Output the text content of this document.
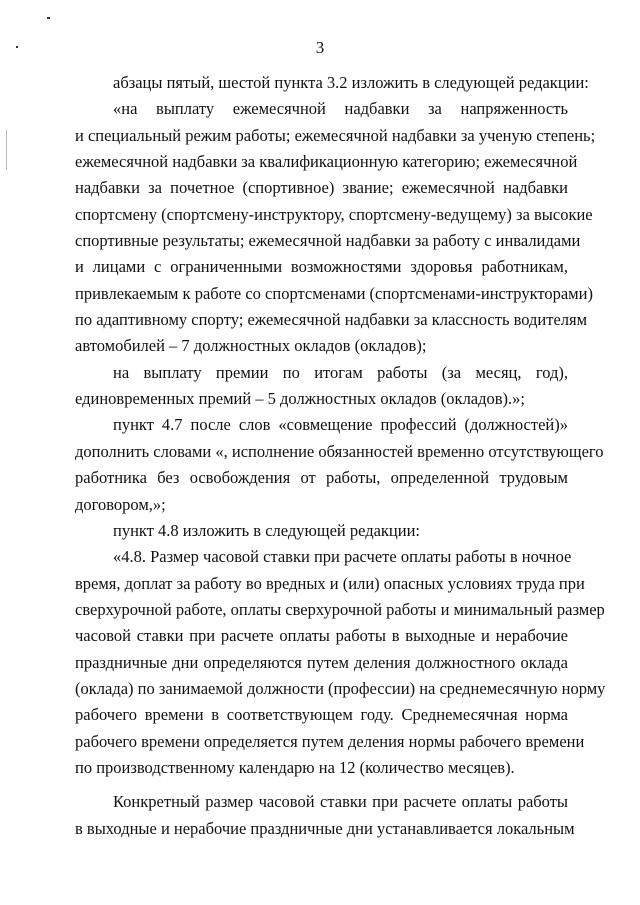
3
абзацы пятый, шестой пункта 3.2 изложить в следующей редакции:
«на выплату ежемесячной надбавки за напряженность
и специальный режим работы; ежемесячной надбавки за ученую степень;
ежемесячной надбавки за квалификационную категорию; ежемесячной
надбавки за почетное (спортивное) звание; ежемесячной надбавки
спортсмену (спортсмену-инструктору, спортсмену-ведущему) за высокие
спортивные результаты; ежемесячной надбавки за работу с инвалидами
и лицами с ограниченными возможностями здоровья работникам,
привлекаемым к работе со спортсменами (спортсменами-инструкторами)
по адаптивному спорту; ежемесячной надбавки за классность водителям
автомобилей – 7 должностных окладов (окладов);
на выплату премии по итогам работы (за месяц, год),
единовременных премий – 5 должностных окладов (окладов).»;
пункт 4.7 после слов «совмещение профессий (должностей)»
дополнить словами «, исполнение обязанностей временно отсутствующего
работника без освобождения от работы, определенной трудовым
договором,»;
пункт 4.8 изложить в следующей редакции:
«4.8. Размер часовой ставки при расчете оплаты работы в ночное
время, доплат за работу во вредных и (или) опасных условиях труда при
сверхурочной работе, оплаты сверхурочной работы и минимальный размер
часовой ставки при расчете оплаты работы в выходные и нерабочие
праздничные дни определяются путем деления должностного оклада
(оклада) по занимаемой должности (профессии) на среднемесячную норму
рабочего времени в соответствующем году. Среднемесячная норма
рабочего времени определяется путем деления нормы рабочего времени
по производственному календарю на 12 (количество месяцев).
Конкретный размер часовой ставки при расчете оплаты работы
в выходные и нерабочие праздничные дни устанавливается локальным
